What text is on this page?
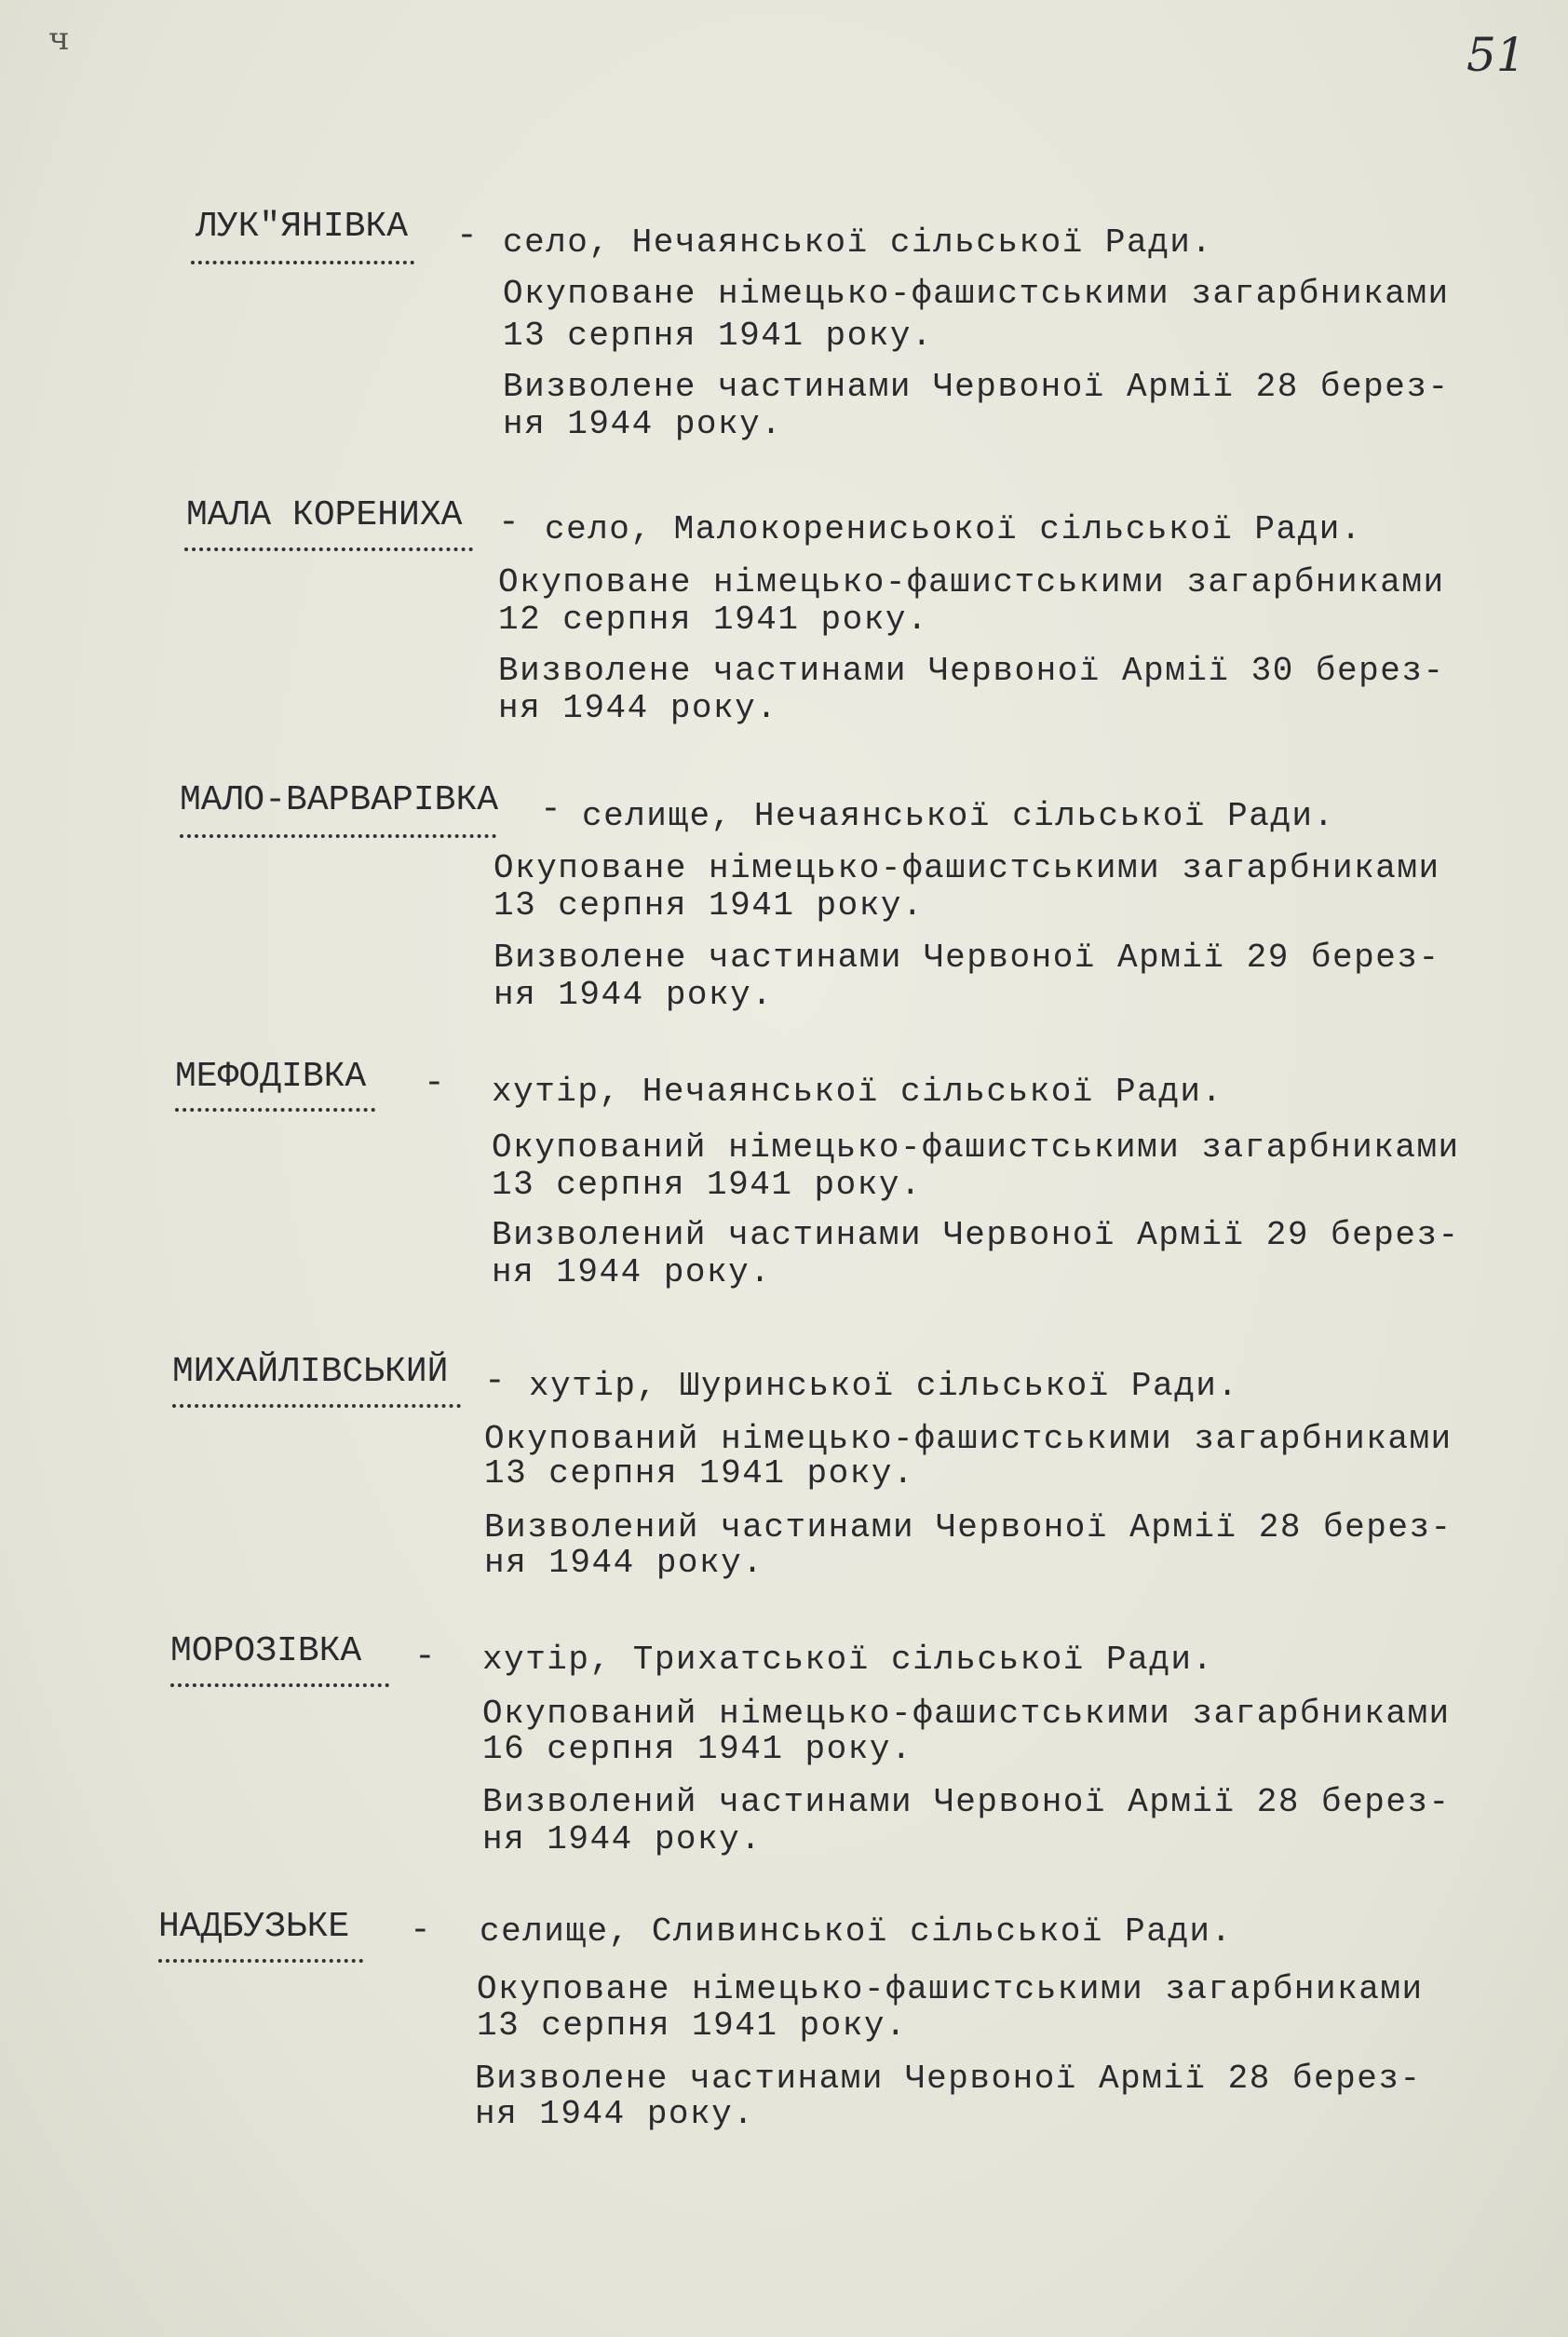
ч	51
ЛУК"ЯНІВКА - село, Нечаянської сільської Ради.
Окуповане німецько-фашистськими загарбниками
13 серпня 1941 року.
Визволене частинами Червоної Армії 28 берез-
ня 1944 року.
МАЛА КОРЕНИХА - село, Малокоренисьокої сільської Ради.
Окуповане німецько-фашистськими загарбниками
12 серпня 1941 року.
Визволене частинами Червоної Армії 30 берез-
ня 1944 року.
МАЛО-ВАРВАРІВКА - селище, Нечаянської сільської Ради.
Окуповане німецько-фашистськими загарбниками
13 серпня 1941 року.
Визволене частинами Червоної Армії 29 берез-
ня 1944 року.
МЕФОДІВКА - хутір, Нечаянської сільської Ради.
Окупований німецько-фашистськими загарбниками
13 серпня 1941 року.
Визволений частинами Червоної Армії 29 берез-
ня 1944 року.
МИХАЙЛІВСЬКИЙ - хутір, Шуринської сільської Ради.
Окупований німецько-фашистськими загарбниками
13 серпня 1941 року.
Визволений частинами Червоної Армії 28 берез-
ня 1944 року.
МОРОЗІВКА - хутір, Трихатської сільської Ради.
Окупований німецько-фашистськими загарбниками
16 серпня 1941 року.
Визволений частинами Червоної Армії 28 берез-
ня 1944 року.
НАДБУЗЬКЕ - селище, Сливинської сільської Ради.
Окуповане німецько-фашистськими загарбниками
13 серпня 1941 року.
Визволене частинами Червоної Армії 28 берез-
ня 1944 року.
